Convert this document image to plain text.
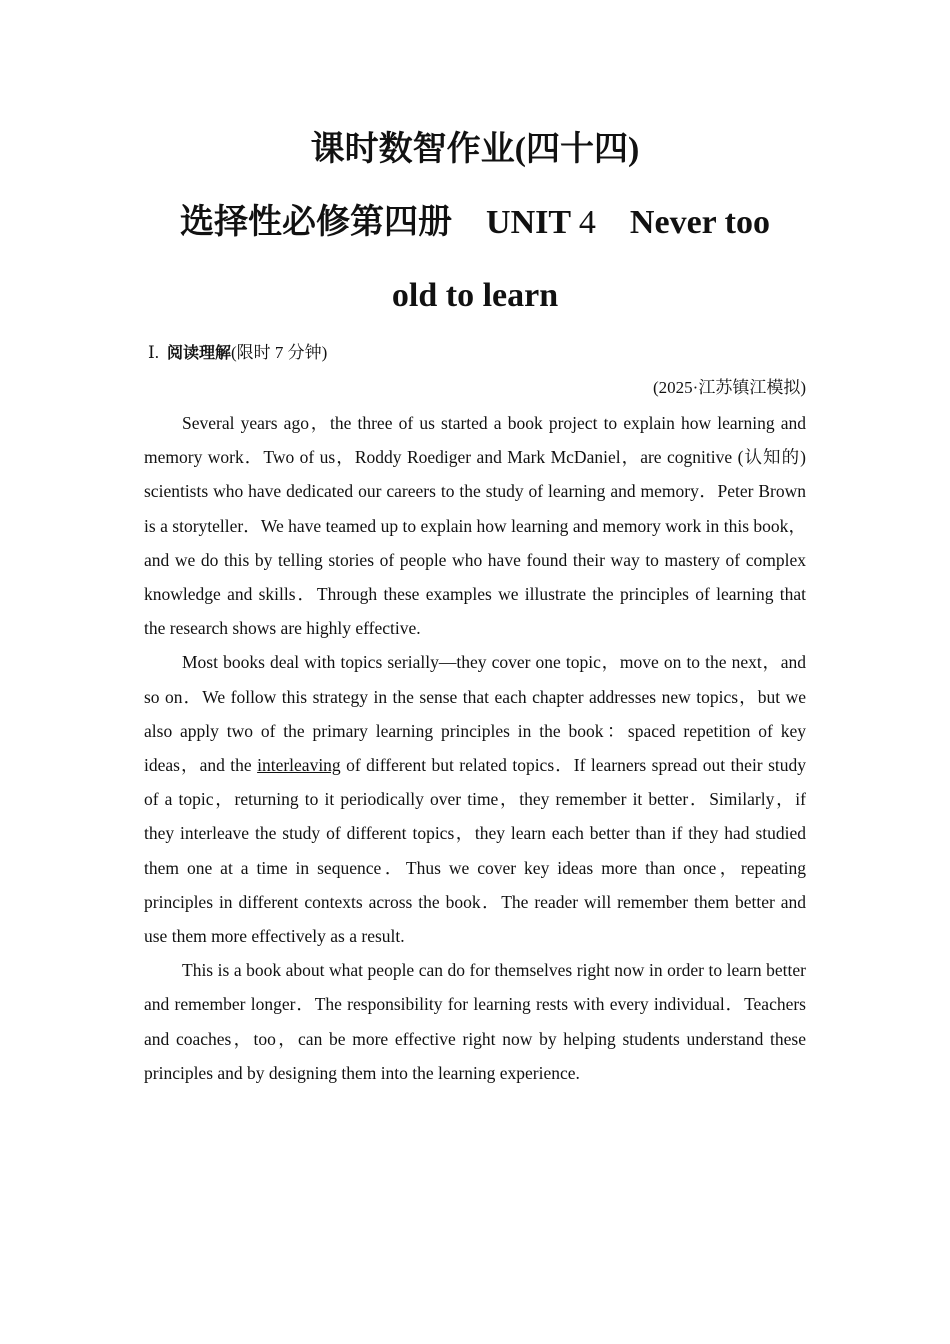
课时数智作业(四十四)
选择性必修第四册 UNIT 4 Never too
old to learn
Ⅰ. 阅读理解(限时 7 分钟)
(2025·江苏镇江模拟)

Several years ago，the three of us started a book project to explain how learning and memory work．Two of us，Roddy Roediger and Mark McDaniel，are cognitive (认知的) scientists who have dedicated our careers to the study of learning and memory．Peter Brown is a storyteller．We have teamed up to explain how learning and memory work in this book，and we do this by telling stories of people who have found their way to mastery of complex knowledge and skills．Through these examples we illustrate the principles of learning that the research shows are highly effective.

Most books deal with topics serially—they cover one topic，move on to the next，and so on．We follow this strategy in the sense that each chapter addresses new topics，but we also apply two of the primary learning principles in the book：spaced repetition of key ideas，and the interleaving of different but related topics．If learners spread out their study of a topic，returning to it periodically over time，they remember it better．Similarly，if they interleave the study of different topics，they learn each better than if they had studied them one at a time in sequence．Thus we cover key ideas more than once，repeating principles in different contexts across the book．The reader will remember them better and use them more effectively as a result.

This is a book about what people can do for themselves right now in order to learn better and remember longer．The responsibility for learning rests with every individual．Teachers and coaches，too，can be more effective right now by helping students understand these principles and by designing them into the learning experience.
